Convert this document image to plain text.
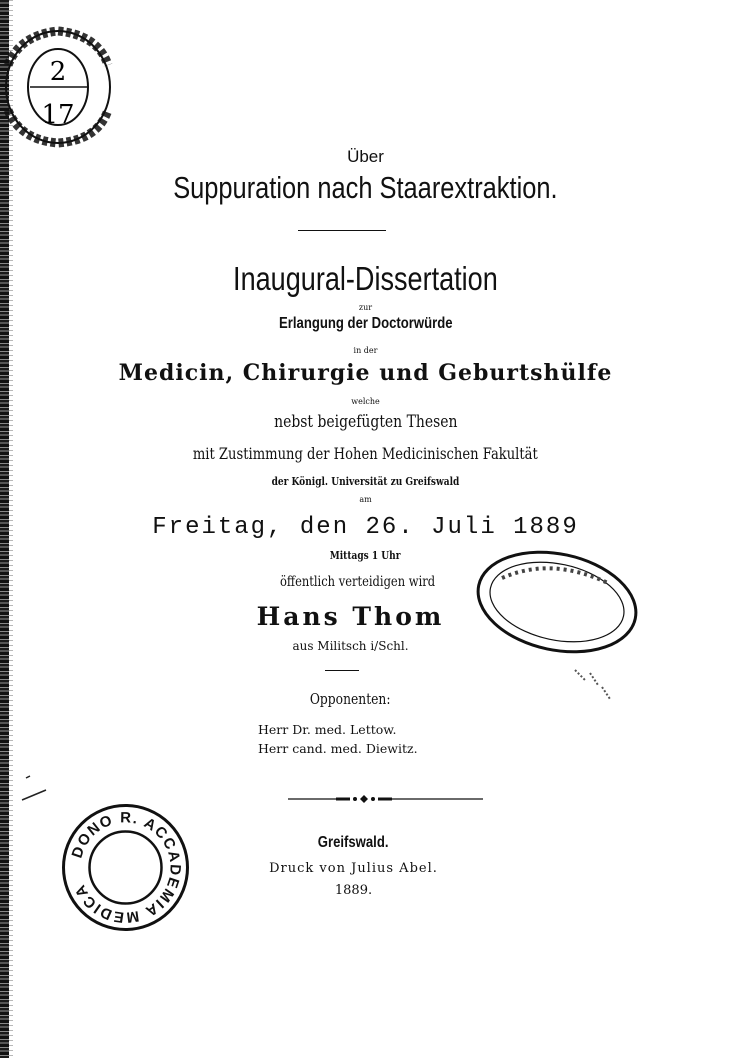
2
17
Über
Suppuration nach Staarextraktion.
Inaugural-Dissertation
zur
Erlangung der Doctorwürde
in der
Medicin, Chirurgie und Geburtshülfe
welche
nebst beigefügten Thesen
mit Zustimmung der Hohen Medicinischen Fakultät
der Königl. Universität zu Greifswald
am
Freitag, den 26. Juli 1889
Mittags 1 Uhr
öffentlich verteidigen wird
Hans Thom
aus Militsch i/Schl.
Opponenten:
Herr Dr. med. Lettow.
Herr cand. med. Diewitz.
Greifswald.
Druck von Julius Abel.
1889.
DONO R. ACCADEMIA MEDICA
